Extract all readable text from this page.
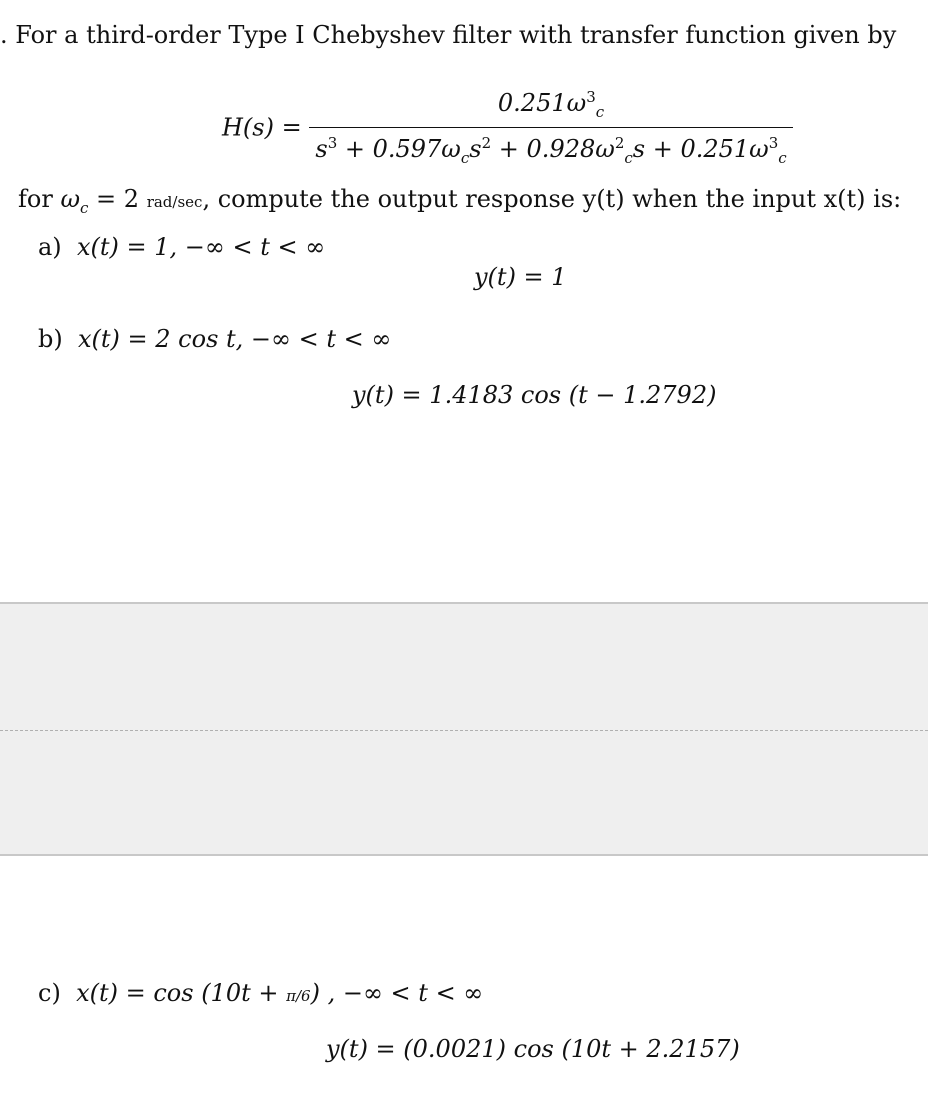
. For a third-order Type I Chebyshev filter with transfer function given by
$H(s) = \frac{0.251\omega^3_c}{s^3 + 0.597\omega_cs^2 + 0.928\omega^2_cs + 0.251\omega^3_c}$
for $\omega_c = 2$ rad/sec, compute the output response y(t) when the input x(t) is:
a) x(t) = 1, −∞ < t < ∞
y(t) = 1
b) x(t) = 2 cos t, −∞ < t < ∞
y(t) = 1.4183 cos (t − 1.2792)
c) x(t) = cos (10t + π/6) , −∞ < t < ∞
y(t) = (0.0021) cos (10t + 2.2157)
